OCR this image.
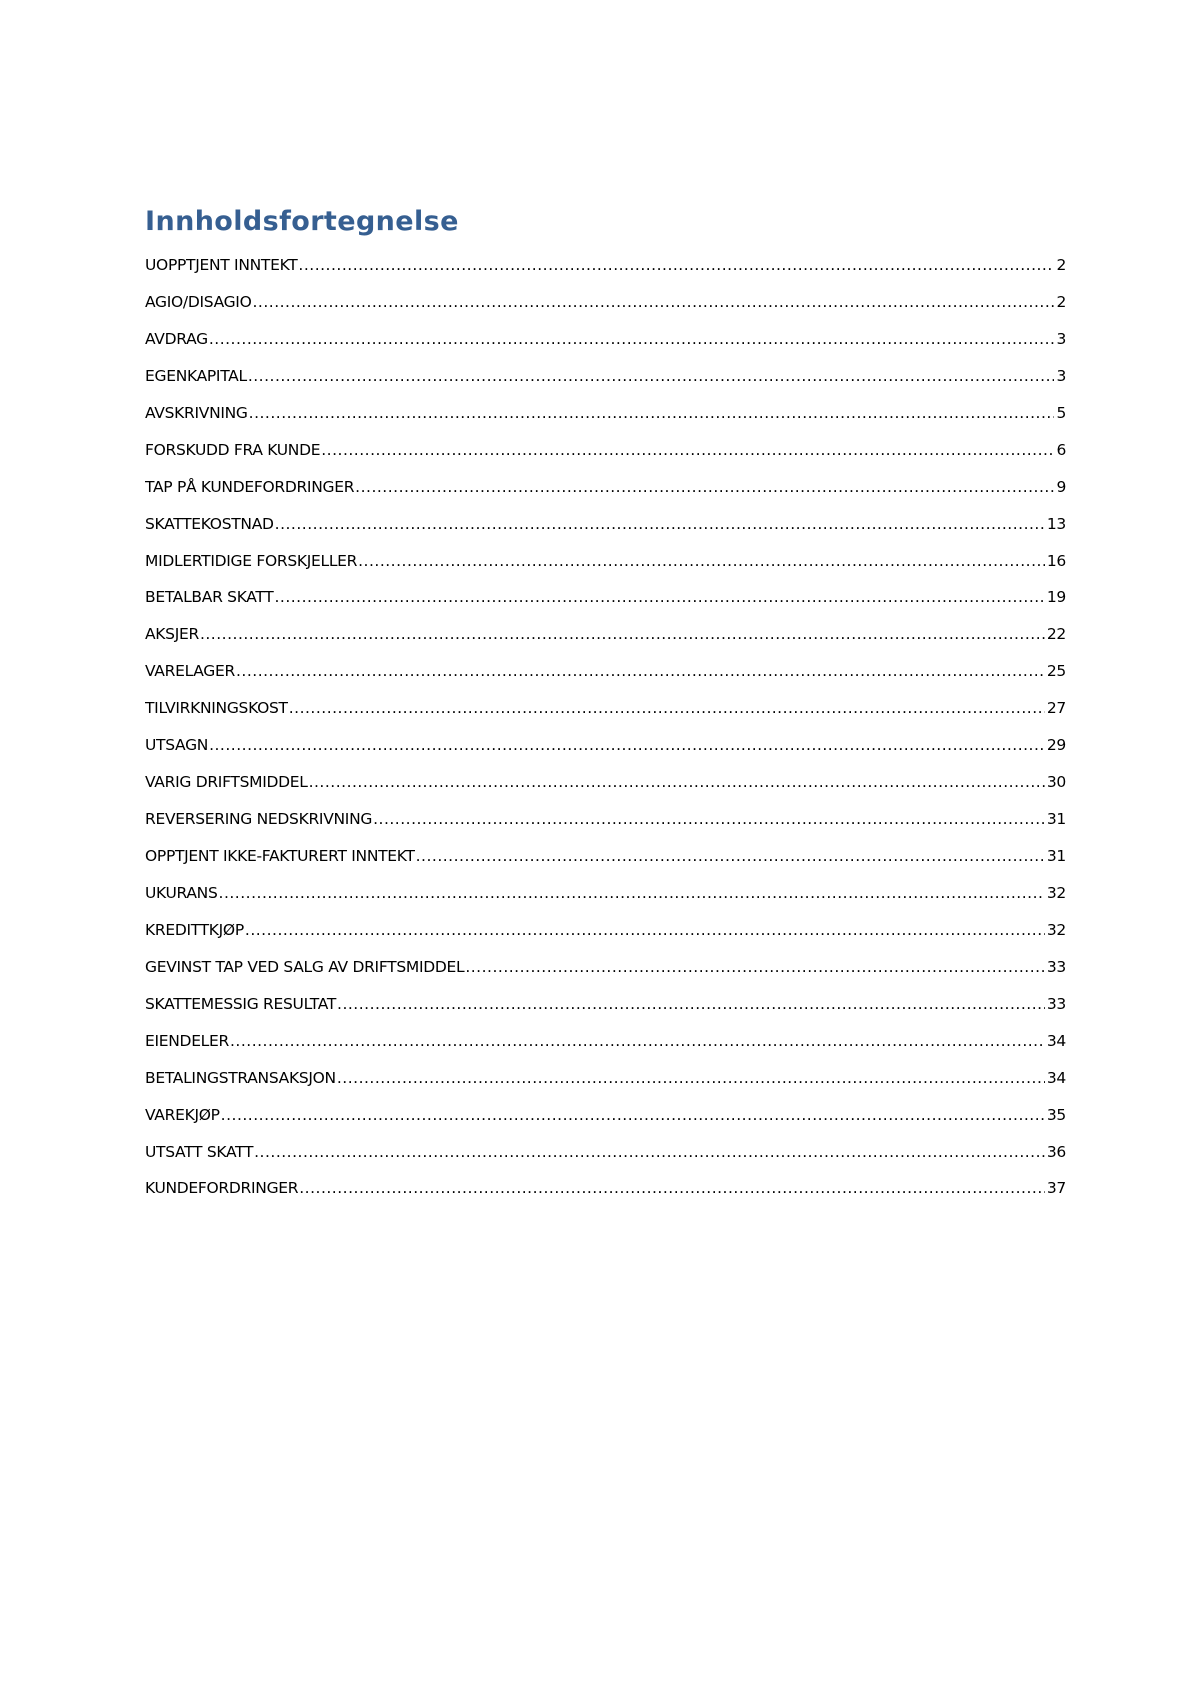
Innholdsfortegnelse
UOPPTJENT INNTEKT .....	2
AGIO/DISAGIO .....	2
AVDRAG .....	3
EGENKAPITAL .....	3
AVSKRIVNING .....	5
FORSKUDD FRA KUNDE .....	6
TAP PÅ KUNDEFORDRINGER .....	9
SKATTEKOSTNAD .....	13
MIDLERTIDIGE FORSKJELLER .....	16
BETALBAR SKATT .....	19
AKSJER .....	22
VARELAGER .....	25
TILVIRKNINGSKOST .....	27
UTSAGN .....	29
VARIG DRIFTSMIDDEL .....	30
REVERSERING NEDSKRIVNING .....	31
OPPTJENT IKKE-FAKTURERT INNTEKT .....	31
UKURANS .....	32
KREDITTKJØP .....	32
GEVINST TAP VED SALG AV DRIFTSMIDDEL .....	33
SKATTEMESSIG RESULTAT .....	33
EIENDELER .....	34
BETALINGSTRANSAKSJON .....	34
VAREKJØP .....	35
UTSATT SKATT .....	36
KUNDEFORDRINGER .....	37
